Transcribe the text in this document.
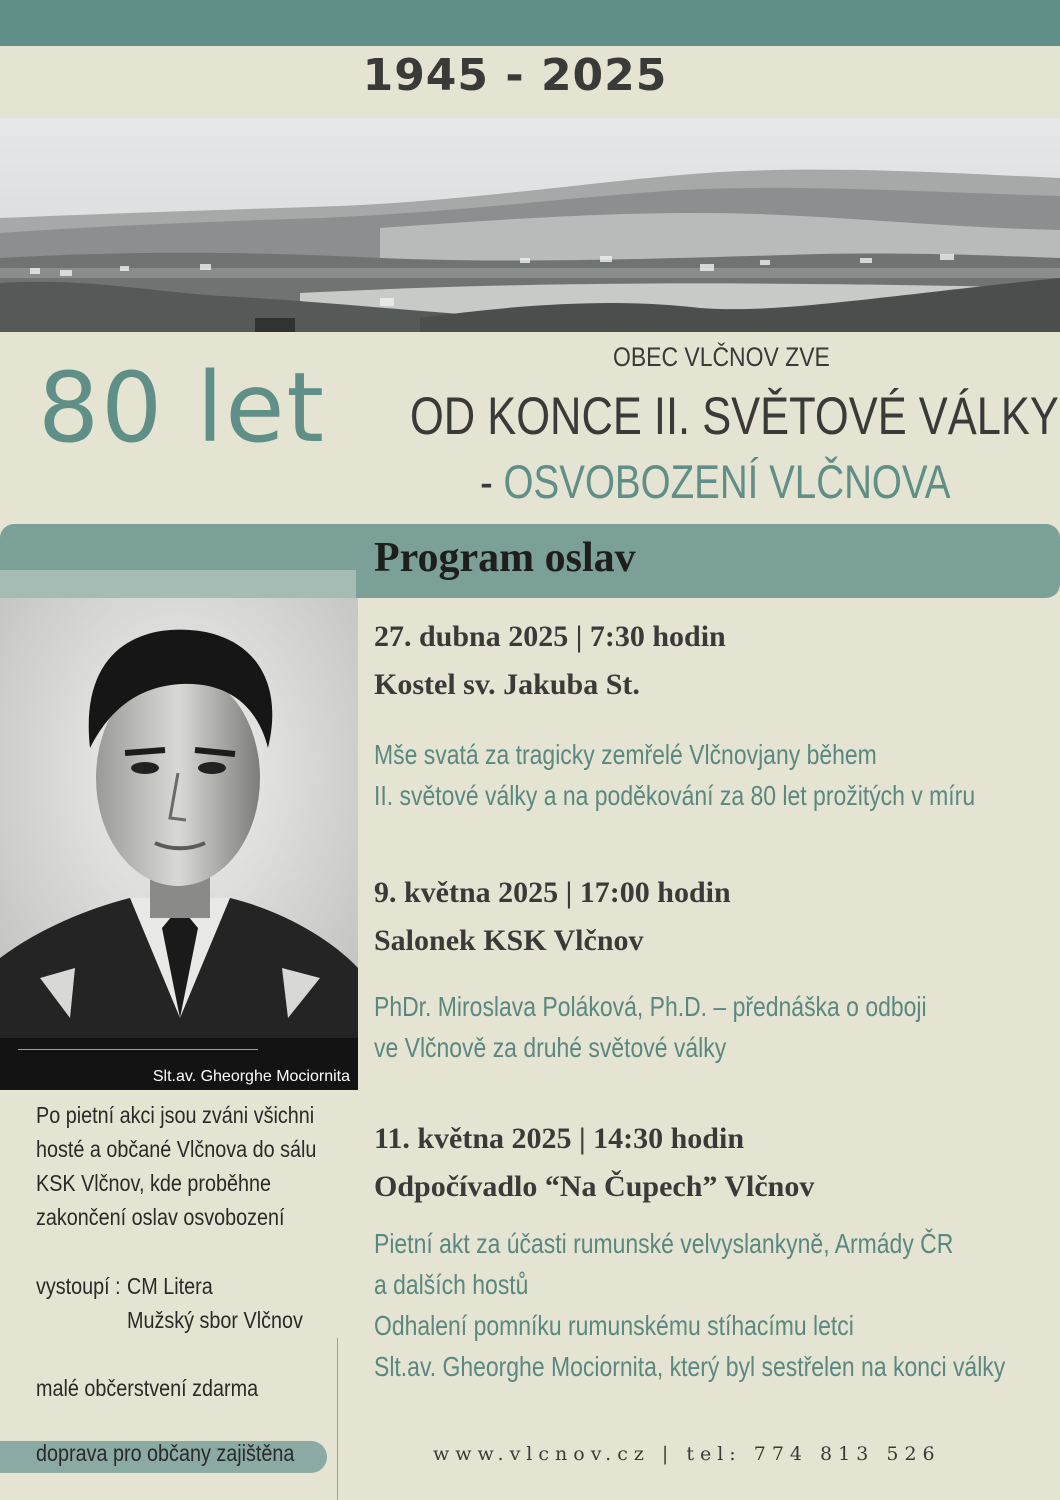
1945 - 2025
OBEC VLČNOV ZVE
80 let OD KONCE II. SVĚTOVÉ VÁLKY
- OSVOBOZENÍ VLČNOVA
Program oslav
Slt.av. Gheorghe Mociornita
27. dubna 2025 | 7:30 hodin
Kostel sv. Jakuba St.
Mše svatá za tragicky zemřelé Vlčnovjany během
II. světové války a na poděkování za 80 let prožitých v míru
9. května 2025 | 17:00 hodin
Salonek KSK Vlčnov
PhDr. Miroslava Poláková, Ph.D. – přednáška o odboji
ve Vlčnově za druhé světové války
11. května 2025 | 14:30 hodin
Odpočívadlo “Na Čupech” Vlčnov
Pietní akt za účasti rumunské velvyslankyně, Armády ČR
a dalších hostů
Odhalení pomníku rumunskému stíhacímu letci
Slt.av. Gheorghe Mociornita, který byl sestřelen na konci války
Po pietní akci jsou zváni všichni
hosté a občané Vlčnova do sálu
KSK Vlčnov, kde proběhne
zakončení oslav osvobození
vystoupí : CM Litera
Mužský sbor Vlčnov
malé občerstvení zdarma
doprava pro občany zajištěna	www.vlcnov.cz | tel: 774 813 526
